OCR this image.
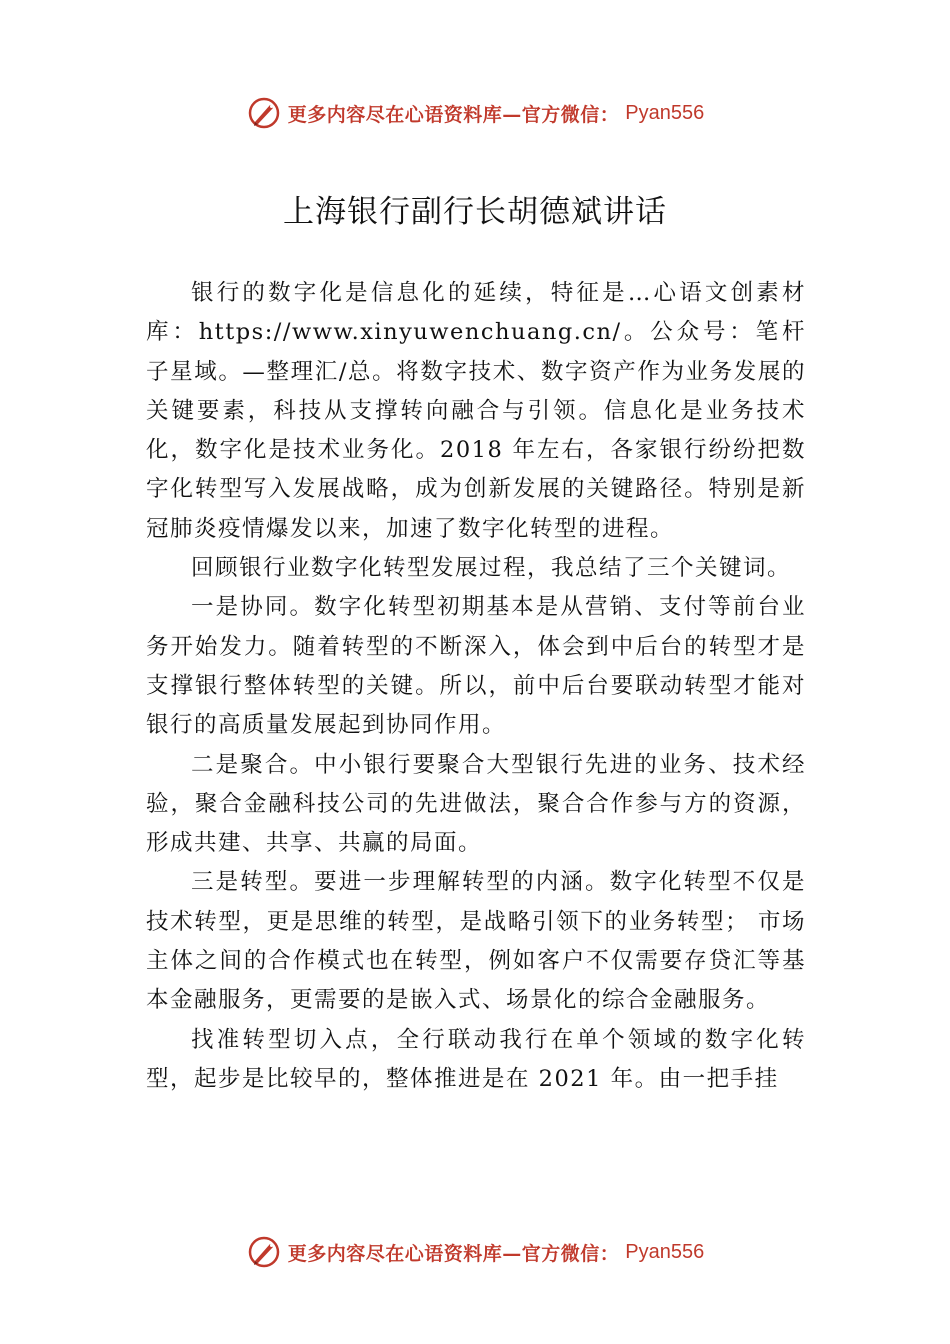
更多内容尽在心语资料库—官方微信： Pyan556
上海银行副行长胡德斌讲话

银行的数字化是信息化的延续，特征是…心语文创素材库：https://www.xinyuwenchuang.cn/。公众号：笔杆子星域。—整理汇/总。将数字技术、数字资产作为业务发展的关键要素，科技从支撑转向融合与引领。信息化是业务技术化，数字化是技术业务化。2018 年左右，各家银行纷纷把数字化转型写入发展战略，成为创新发展的关键路径。特别是新冠肺炎疫情爆发以来，加速了数字化转型的进程。

回顾银行业数字化转型发展过程，我总结了三个关键词。

一是协同。数字化转型初期基本是从营销、支付等前台业务开始发力。随着转型的不断深入，体会到中后台的转型才是支撑银行整体转型的关键。所以，前中后台要联动转型才能对银行的高质量发展起到协同作用。

二是聚合。中小银行要聚合大型银行先进的业务、技术经验，聚合金融科技公司的先进做法，聚合合作参与方的资源，形成共建、共享、共赢的局面。

三是转型。要进一步理解转型的内涵。数字化转型不仅是技术转型，更是思维的转型，是战略引领下的业务转型； 市场主体之间的合作模式也在转型，例如客户不仅需要存贷汇等基本金融服务，更需要的是嵌入式、场景化的综合金融服务。

找准转型切入点，全行联动我行在单个领域的数字化转型，起步是比较早的，整体推进是在 2021 年。由一把手挂

更多内容尽在心语资料库—官方微信： Pyan556
